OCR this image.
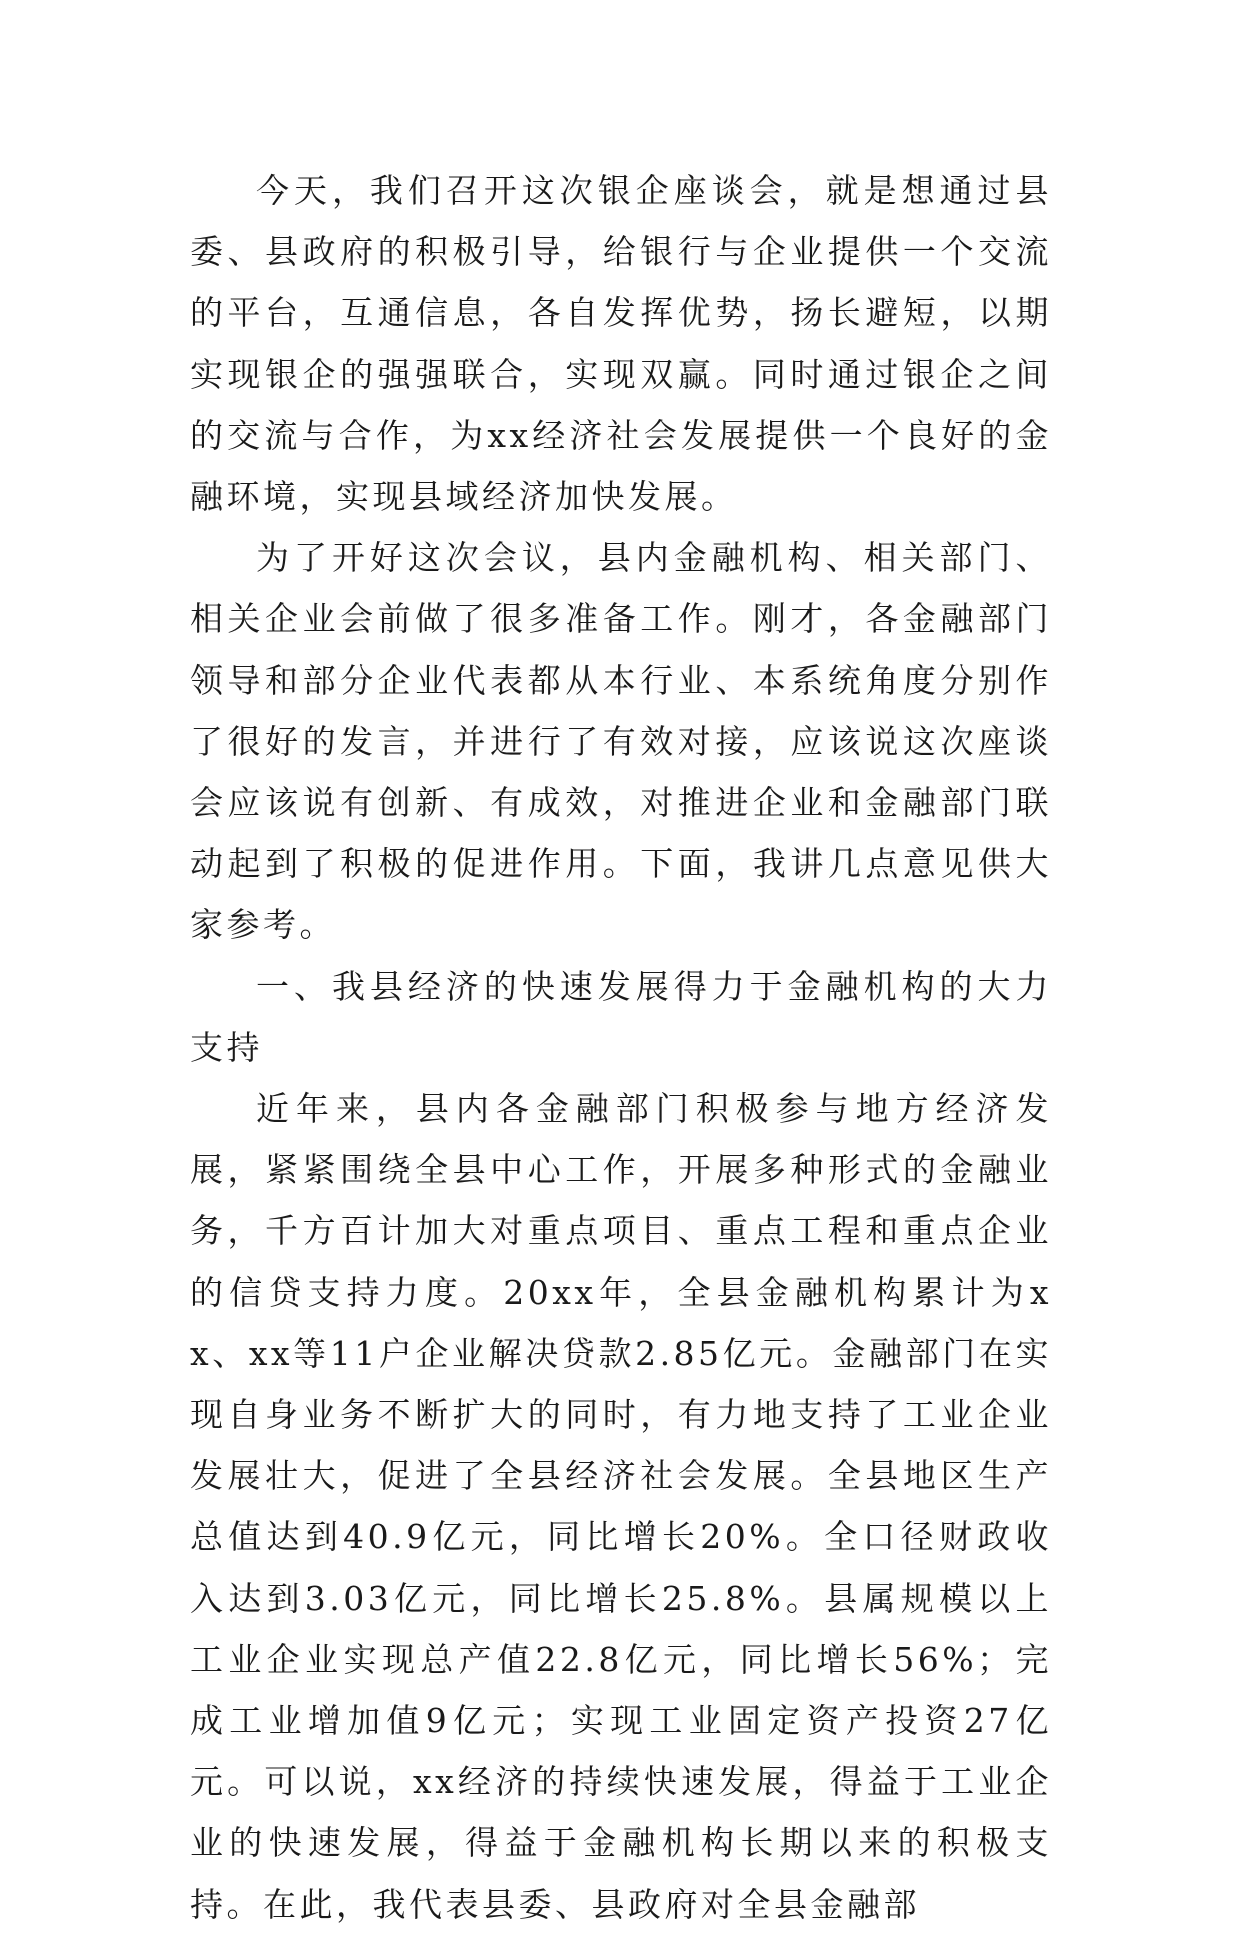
今天，我们召开这次银企座谈会，就是想通过县委、县政府的积极引导，给银行与企业提供一个交流的平台，互通信息，各自发挥优势，扬长避短，以期实现银企的强强联合，实现双赢。同时通过银企之间的交流与合作，为xx经济社会发展提供一个良好的金融环境，实现县域经济加快发展。

为了开好这次会议，县内金融机构、相关部门、相关企业会前做了很多准备工作。刚才，各金融部门领导和部分企业代表都从本行业、本系统角度分别作了很好的发言，并进行了有效对接，应该说这次座谈会应该说有创新、有成效，对推进企业和金融部门联动起到了积极的促进作用。下面，我讲几点意见供大家参考。

一、我县经济的快速发展得力于金融机构的大力支持

近年来，县内各金融部门积极参与地方经济发展，紧紧围绕全县中心工作，开展多种形式的金融业务，千方百计加大对重点项目、重点工程和重点企业的信贷支持力度。20xx年，全县金融机构累计为xx、xx等11户企业解决贷款2.85亿元。金融部门在实现自身业务不断扩大的同时，有力地支持了工业企业发展壮大，促进了全县经济社会发展。全县地区生产总值达到40.9亿元，同比增长20%。全口径财政收入达到3.03亿元，同比增长25.8%。县属规模以上工业企业实现总产值22.8亿元，同比增长56%；完成工业增加值9亿元；实现工业固定资产投资27亿元。可以说，xx经济的持续快速发展，得益于工业企业的快速发展，得益于金融机构长期以来的积极支持。在此，我代表县委、县政府对全县金融部
